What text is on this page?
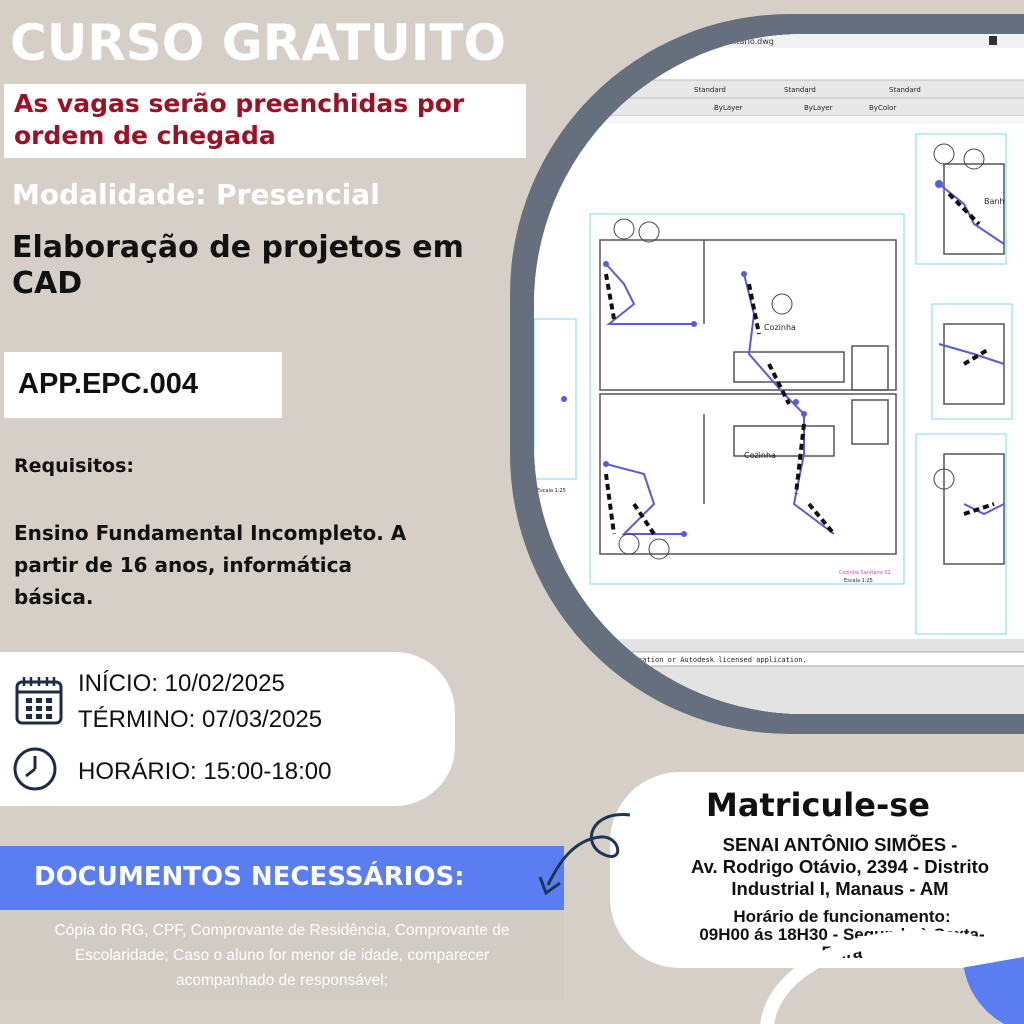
CURSO GRATUITO
As vagas serão preenchidas por
ordem de chegada
Modalidade: Presencial
Elaboração de projetos em
CAD
APP.EPC.004
Requisitos:
Ensino Fundamental Incompleto. A
partir de 16 anos, informática
básica.
INÍCIO: 10/02/2025
TÉRMINO: 07/03/2025
HORÁRIO: 15:00-18:00
DOCUMENTOS NECESSÁRIOS:
Cópia do RG, CPF, Comprovante de Residência, Comprovante de
Escolaridade; Caso o aluno for menor de idade, comparecer
acompanhado de responsável;
Sanitário.dwg
Standard	Standard	Standard	Standard
ByLayer	ByLayer	ByColor
Cozinha
Cozinha
Banh
Escala 1:25
Cozinha Sanitário 02
Escala 1:25
desk application or Autodesk licensed application.
Matricule-se
SENAI ANTÔNIO SIMÕES -
Av. Rodrigo Otávio, 2394 - Distrito
Industrial I, Manaus - AM
Horário de funcionamento:
09H00 ás 18H30 - Segunda à Sexta-
Feira
